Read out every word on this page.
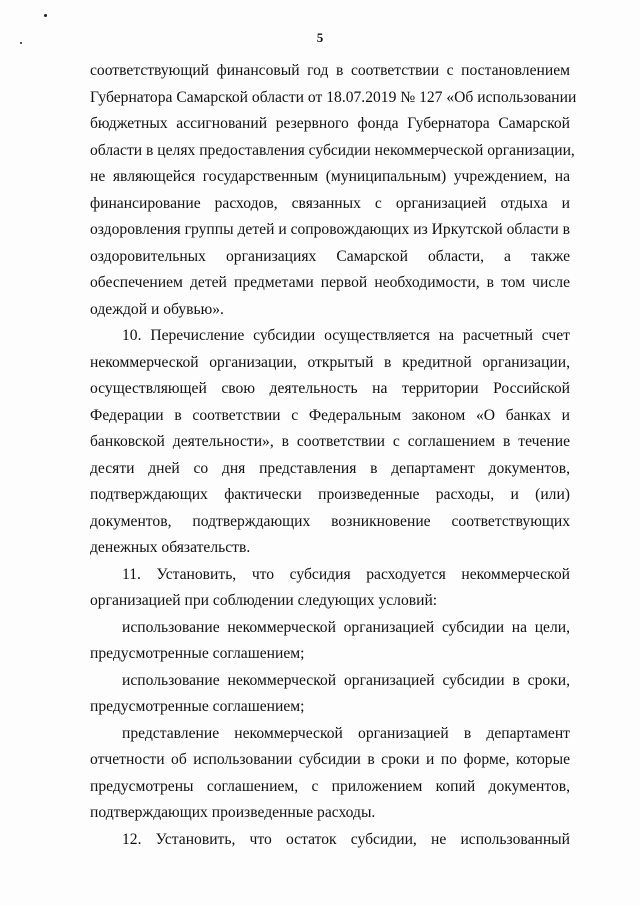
5
соответствующий финансовый год в соответствии с постановлением
Губернатора Самарской области от 18.07.2019 № 127 «Об использовании
бюджетных ассигнований резервного фонда Губернатора Самарской
области в целях предоставления субсидии некоммерческой организации,
не являющейся государственным (муниципальным) учреждением, на
финансирование расходов, связанных с организацией отдыха и
оздоровления группы детей и сопровождающих из Иркутской области в
оздоровительных организациях Самарской области, а также
обеспечением детей предметами первой необходимости, в том числе
одеждой и обувью».
10. Перечисление субсидии осуществляется на расчетный счет
некоммерческой организации, открытый в кредитной организации,
осуществляющей свою деятельность на территории Российской
Федерации в соответствии с Федеральным законом «О банках и
банковской деятельности», в соответствии с соглашением в течение
десяти дней со дня представления в департамент документов,
подтверждающих фактически произведенные расходы, и (или)
документов, подтверждающих возникновение соответствующих
денежных обязательств.
11. Установить, что субсидия расходуется некоммерческой
организацией при соблюдении следующих условий:
использование некоммерческой организацией субсидии на цели,
предусмотренные соглашением;
использование некоммерческой организацией субсидии в сроки,
предусмотренные соглашением;
представление некоммерческой организацией в департамент
отчетности об использовании субсидии в сроки и по форме, которые
предусмотрены соглашением, с приложением копий документов,
подтверждающих произведенные расходы.
12. Установить, что остаток субсидии, не использованный
